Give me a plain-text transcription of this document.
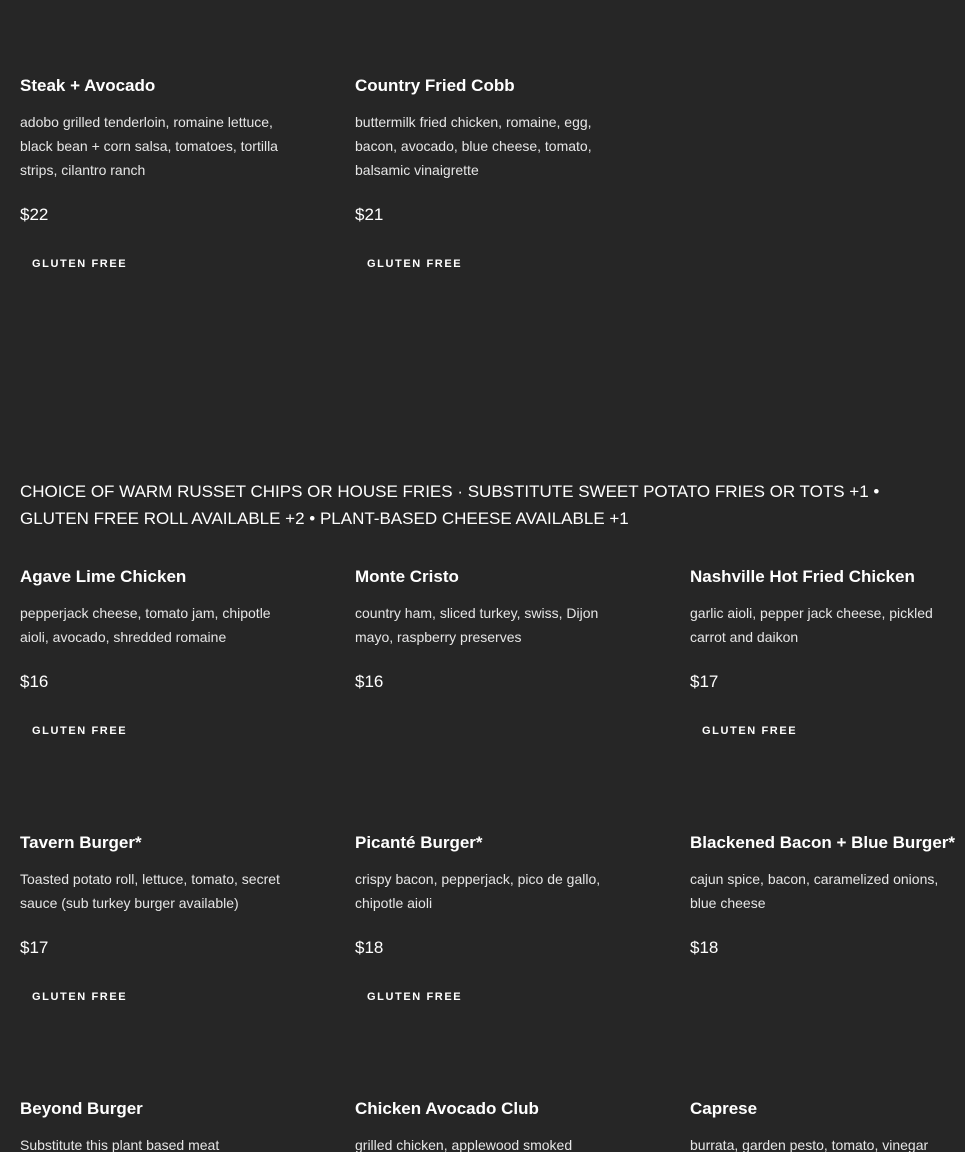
Steak + Avocado

adobo grilled tenderloin, romaine lettuce, black bean + corn salsa, tomatoes, tortilla strips, cilantro ranch

$22

GLUTEN FREE
Country Fried Cobb

buttermilk fried chicken, romaine, egg, bacon, avocado, blue cheese, tomato, balsamic vinaigrette

$21

GLUTEN FREE

CHOICE OF WARM RUSSET CHIPS OR HOUSE FRIES · SUBSTITUTE SWEET POTATO FRIES OR TOTS +1 • GLUTEN FREE ROLL AVAILABLE +2 • PLANT-BASED CHEESE AVAILABLE +1

Agave Lime Chicken

pepperjack cheese, tomato jam, chipotle aioli, avocado, shredded romaine

$16

GLUTEN FREE
Monte Cristo

country ham, sliced turkey, swiss, Dijon mayo, raspberry preserves

$16

Nashville Hot Fried Chicken

garlic aioli, pepper jack cheese, pickled carrot and daikon

$17

GLUTEN FREE
Tavern Burger*

Toasted potato roll, lettuce, tomato, secret sauce (sub turkey burger available)

$17

GLUTEN FREE
Picanté Burger*

crispy bacon, pepperjack, pico de gallo, chipotle aioli

$18

GLUTEN FREE
Blackened Bacon + Blue Burger*

cajun spice, bacon, caramelized onions, blue cheese

$18

Beyond Burger

Substitute this plant based meat

Chicken Avocado Club

grilled chicken, applewood smoked

Caprese

burrata, garden pesto, tomato, vinegar
